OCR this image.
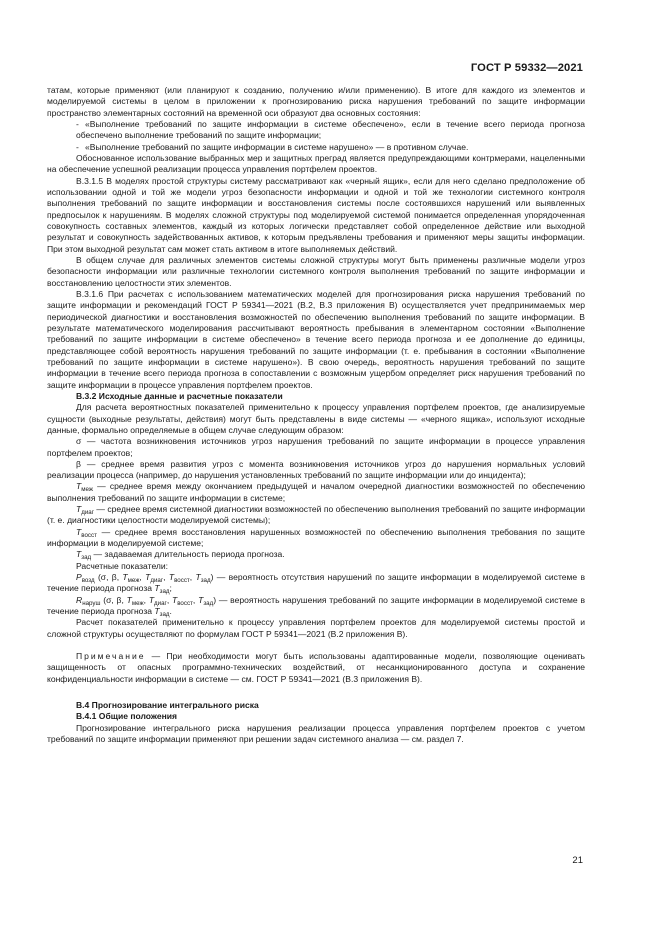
ГОСТ Р 59332—2021

татам, которые применяют (или планируют к созданию, получению и/или применению). В итоге для каждого из элементов и моделируемой системы в целом в приложении к прогнозированию риска нарушения требований по защите информации пространство элементарных состояний на временной оси образуют два основных состояния:

- «Выполнение требований по защите информации в системе обеспечено», если в течение всего периода прогноза обеспечено выполнение требований по защите информации;

- «Выполнение требований по защите информации в системе нарушено» — в противном случае.

Обоснованное использование выбранных мер и защитных преград является предупреждающими контрмерами, нацеленными на обеспечение успешной реализации процесса управления портфелем проектов.

В.3.1.5 В моделях простой структуры систему рассматривают как «черный ящик», если для него сделано предположение об использовании одной и той же модели угроз безопасности информации и одной и той же технологии системного контроля выполнения требований по защите информации и восстановления системы после состоявшихся нарушений или выявленных предпосылок к нарушениям. В моделях сложной структуры под моделируемой системой понимается определенная упорядоченная совокупность составных элементов, каждый из которых логически представляет собой определенное действие или выходной результат и совокупность задействованных активов, к которым предъявлены требования и применяют меры защиты информации. При этом выходной результат сам может стать активом в итоге выполняемых действий.

В общем случае для различных элементов системы сложной структуры могут быть применены различные модели угроз безопасности информации или различные технологии системного контроля выполнения требований по защите информации и восстановлению целостности этих элементов.

В.3.1.6 При расчетах с использованием математических моделей для прогнозирования риска нарушения требований по защите информации и рекомендаций ГОСТ Р 59341—2021 (В.2, В.3 приложения В) осуществляется учет предпринимаемых мер периодической диагностики и восстановления возможностей по обеспечению выполнения требований по защите информации. В результате математического моделирования рассчитывают вероятность пребывания в элементарном состоянии «Выполнение требований по защите информации в системе обеспечено» в течение всего периода прогноза и ее дополнение до единицы, представляющее собой вероятность нарушения требований по защите информации (т. е. пребывания в состоянии «Выполнение требований по защите информации в системе нарушено»). В свою очередь, вероятность нарушения требований по защите информации в течение всего периода прогноза в сопоставлении с возможным ущербом определяет риск нарушения требований по защите информации в процессе управления портфелем проектов.

В.3.2 Исходные данные и расчетные показатели

Для расчета вероятностных показателей применительно к процессу управления портфелем проектов, где анализируемые сущности (выходные результаты, действия) могут быть представлены в виде системы — «черного ящика», используют исходные данные, формально определяемые в общем случае следующим образом:

σ — частота возникновения источников угроз нарушения требований по защите информации в процессе управления портфелем проектов;

β — среднее время развития угроз с момента возникновения источников угроз до нарушения нормальных условий реализации процесса (например, до нарушения установленных требований по защите информации или до инцидента);

$T_{меж}$ — среднее время между окончанием предыдущей и началом очередной диагностики возможностей по обеспечению выполнения требований по защите информации в системе;

$T_{диаг}$ — среднее время системной диагностики возможностей по обеспечению выполнения требований по защите информации (т. е. диагностики целостности моделируемой системы);

$T_{восст}$ — среднее время восстановления нарушенных возможностей по обеспечению выполнения требования по защите информации в моделируемой системе;

$T_{зад}$ — задаваемая длительность периода прогноза.

Расчетные показатели:

$P_{возд}$ (σ, β, $T_{меж}$, $T_{диаг}$, $T_{восст}$, $T_{зад}$) — вероятность отсутствия нарушений по защите информации в моделируемой системе в течение периода прогноза $T_{зад}$;

$R_{наруш}$ (σ, β, $T_{меж}$, $T_{диаг}$, $T_{восст}$, $T_{зад}$) — вероятность нарушения требований по защите информации в моделируемой системе в течение периода прогноза $T_{зад}$.

Расчет показателей применительно к процессу управления портфелем проектов для моделируемой системы простой и сложной структуры осуществляют по формулам ГОСТ Р 59341—2021 (В.2 приложения В).

Примечание — При необходимости могут быть использованы адаптированные модели, позволяющие оценивать защищенность от опасных программно-технических воздействий, от несанкционированного доступа и сохранение конфиденциальности информации в системе — см. ГОСТ Р 59341—2021 (В.3 приложения В).

В.4 Прогнозирование интегрального риска

В.4.1 Общие положения

Прогнозирование интегрального риска нарушения реализации процесса управления портфелем проектов с учетом требований по защите информации применяют при решении задач системного анализа — см. раздел 7.

21
